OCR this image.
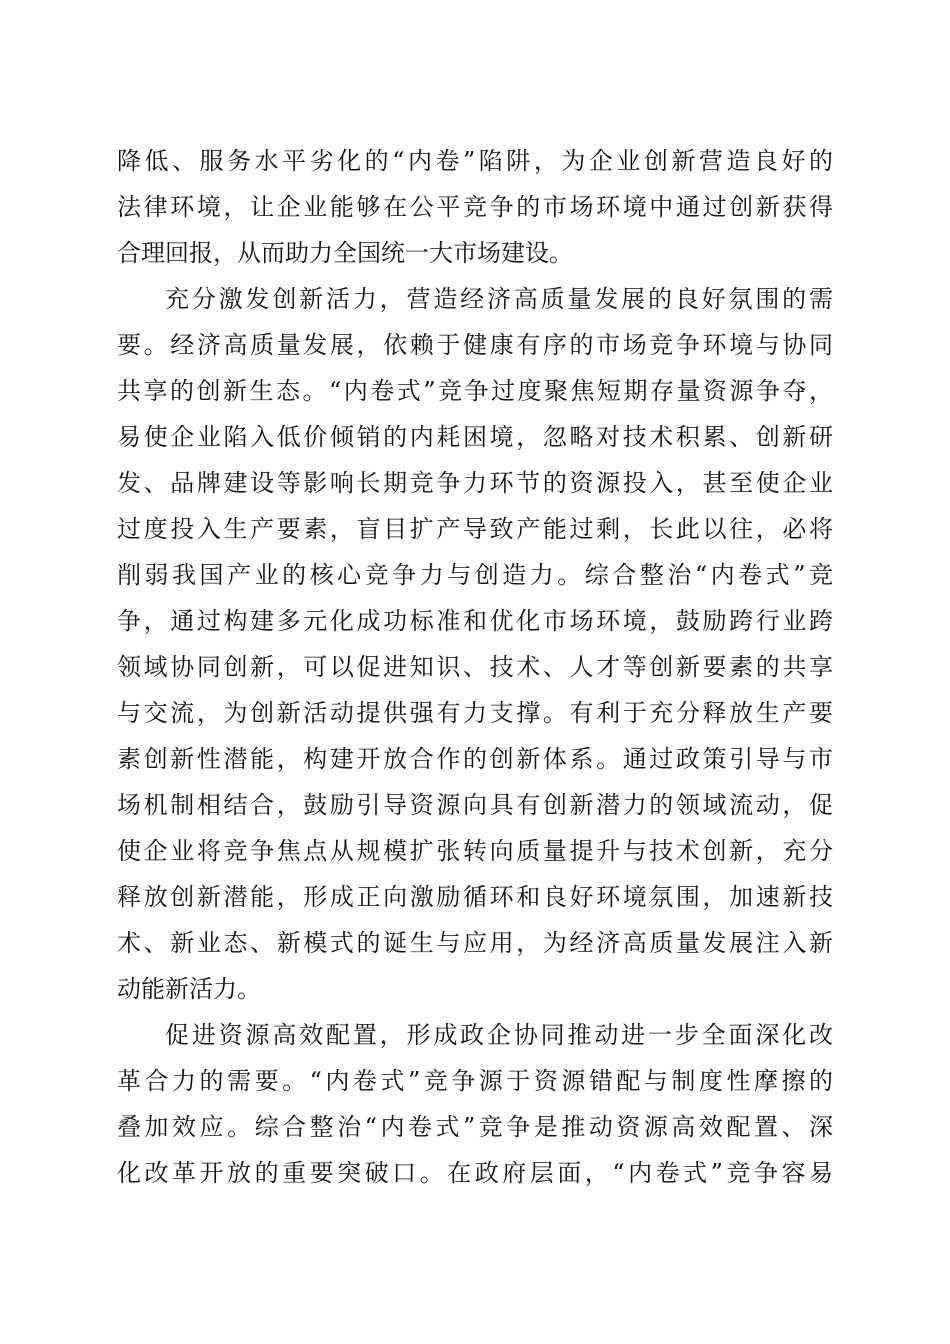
降低、服务水平劣化的“内卷”陷阱，为企业创新营造良好的

法律环境，让企业能够在公平竞争的市场环境中通过创新获得

合理回报，从而助力全国统一大市场建设。

充分激发创新活力，营造经济高质量发展的良好氛围的需

要。经济高质量发展，依赖于健康有序的市场竞争环境与协同

共享的创新生态。“内卷式”竞争过度聚焦短期存量资源争夺，

易使企业陷入低价倾销的内耗困境，忽略对技术积累、创新研

发、品牌建设等影响长期竞争力环节的资源投入，甚至使企业

过度投入生产要素，盲目扩产导致产能过剩，长此以往，必将

削弱我国产业的核心竞争力与创造力。综合整治“内卷式”竞

争，通过构建多元化成功标准和优化市场环境，鼓励跨行业跨

领域协同创新，可以促进知识、技术、人才等创新要素的共享

与交流，为创新活动提供强有力支撑。有利于充分释放生产要

素创新性潜能，构建开放合作的创新体系。通过政策引导与市

场机制相结合，鼓励引导资源向具有创新潜力的领域流动，促

使企业将竞争焦点从规模扩张转向质量提升与技术创新，充分

释放创新潜能，形成正向激励循环和良好环境氛围，加速新技

术、新业态、新模式的诞生与应用，为经济高质量发展注入新

动能新活力。

促进资源高效配置，形成政企协同推动进一步全面深化改

革合力的需要。“内卷式”竞争源于资源错配与制度性摩擦的

叠加效应。综合整治“内卷式”竞争是推动资源高效配置、深

化改革开放的重要突破口。在政府层面，“内卷式”竞争容易
